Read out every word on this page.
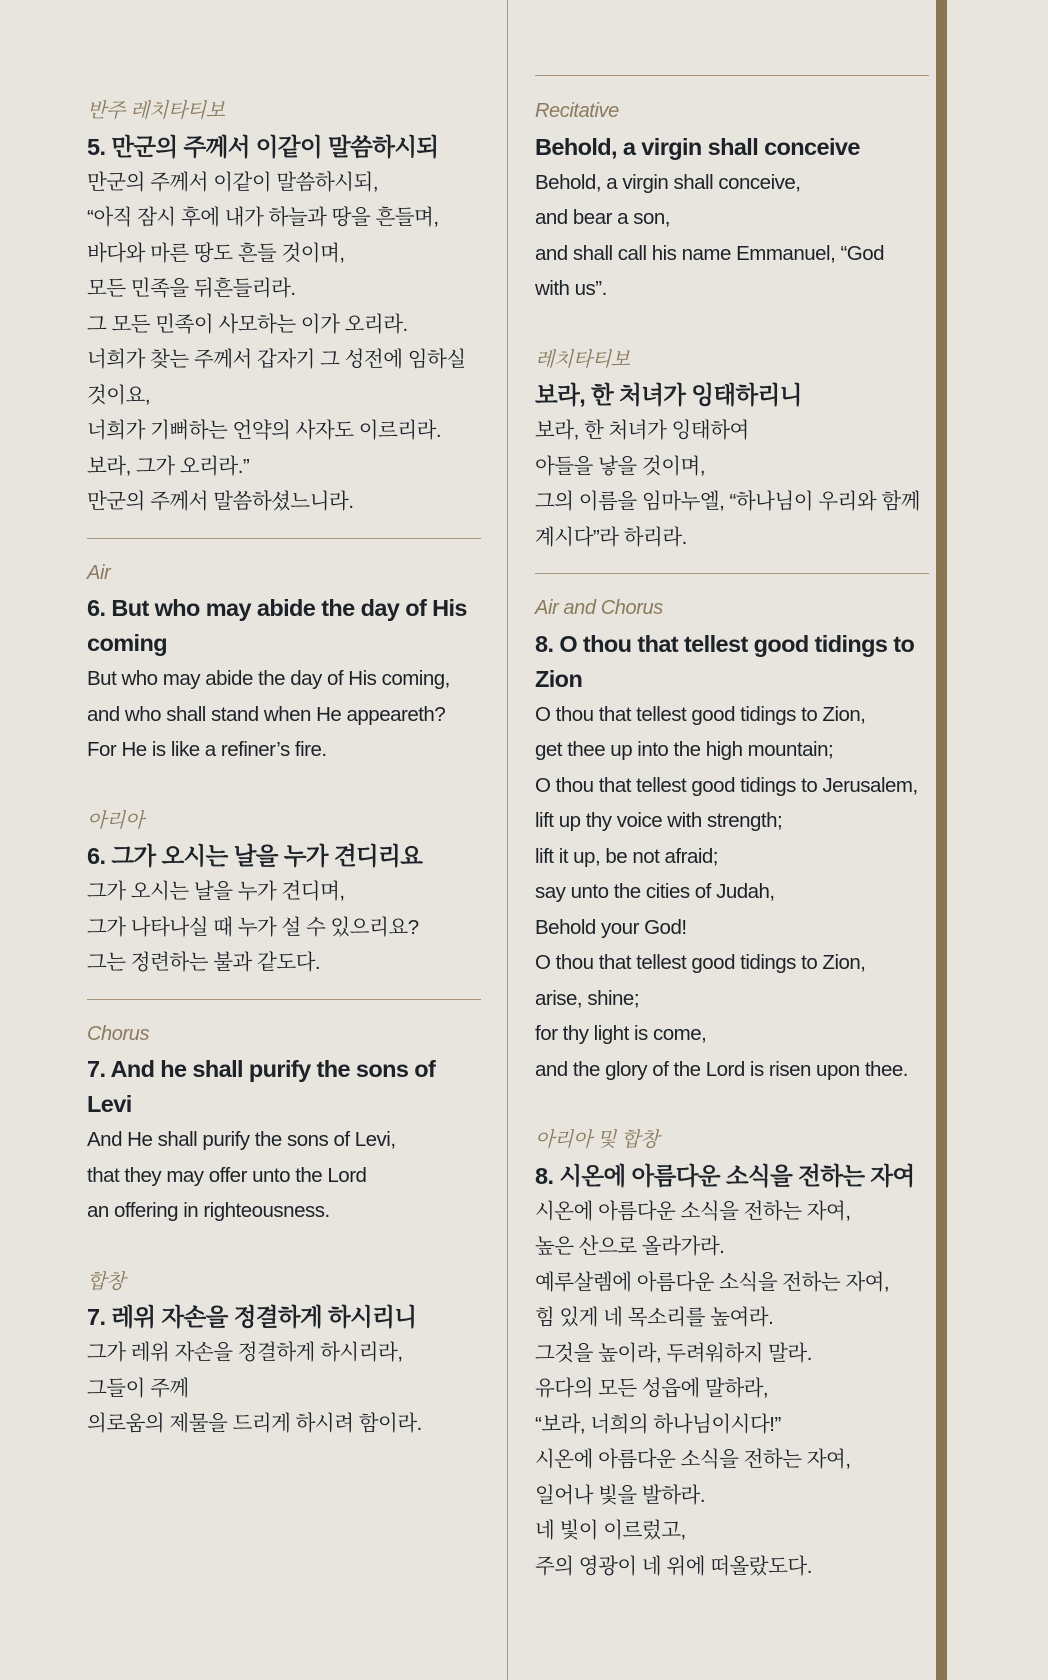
반주 레치타티보
5. 만군의 주께서 이같이 말씀하시되
만군의 주께서 이같이 말씀하시되,
“아직 잠시 후에 내가 하늘과 땅을 흔들며,
바다와 마른 땅도 흔들 것이며,
모든 민족을 뒤흔들리라.
그 모든 민족이 사모하는 이가 오리라.
너희가 찾는 주께서 갑자기 그 성전에 임하실
것이요,
너희가 기뻐하는 언약의 사자도 이르리라.
보라, 그가 오리라.”
만군의 주께서 말씀하셨느니라.
Air
6. But who may abide the day of His
coming
But who may abide the day of His coming,
and who shall stand when He appeareth?
For He is like a refiner’s fire.
아리아
6. 그가 오시는 날을 누가 견디리요
그가 오시는 날을 누가 견디며,
그가 나타나실 때 누가 설 수 있으리요?
그는 정련하는 불과 같도다.
Chorus
7. And he shall purify the sons of
Levi
And He shall purify the sons of Levi,
that they may offer unto the Lord
an offering in righteousness.
합창
7. 레위 자손을 정결하게 하시리니
그가 레위 자손을 정결하게 하시리라,
그들이 주께
의로움의 제물을 드리게 하시려 함이라.
Recitative
Behold, a virgin shall conceive
Behold, a virgin shall conceive,
and bear a son,
and shall call his name Emmanuel, “God
with us”.
레치타티보
보라, 한 처녀가 잉태하리니
보라, 한 처녀가 잉태하여
아들을 낳을 것이며,
그의 이름을 임마누엘, “하나님이 우리와 함께
계시다”라 하리라.
Air and Chorus
8. O thou that tellest good tidings to
Zion
O thou that tellest good tidings to Zion,
get thee up into the high mountain;
O thou that tellest good tidings to Jerusalem,
lift up thy voice with strength;
lift it up, be not afraid;
say unto the cities of Judah,
Behold your God!
O thou that tellest good tidings to Zion,
arise, shine;
for thy light is come,
and the glory of the Lord is risen upon thee.
아리아 및 합창
8. 시온에 아름다운 소식을 전하는 자여
시온에 아름다운 소식을 전하는 자여,
높은 산으로 올라가라.
예루살렘에 아름다운 소식을 전하는 자여,
힘 있게 네 목소리를 높여라.
그것을 높이라, 두려워하지 말라.
유다의 모든 성읍에 말하라,
“보라, 너희의 하나님이시다!”
시온에 아름다운 소식을 전하는 자여,
일어나 빛을 발하라.
네 빛이 이르렀고,
주의 영광이 네 위에 떠올랐도다.
